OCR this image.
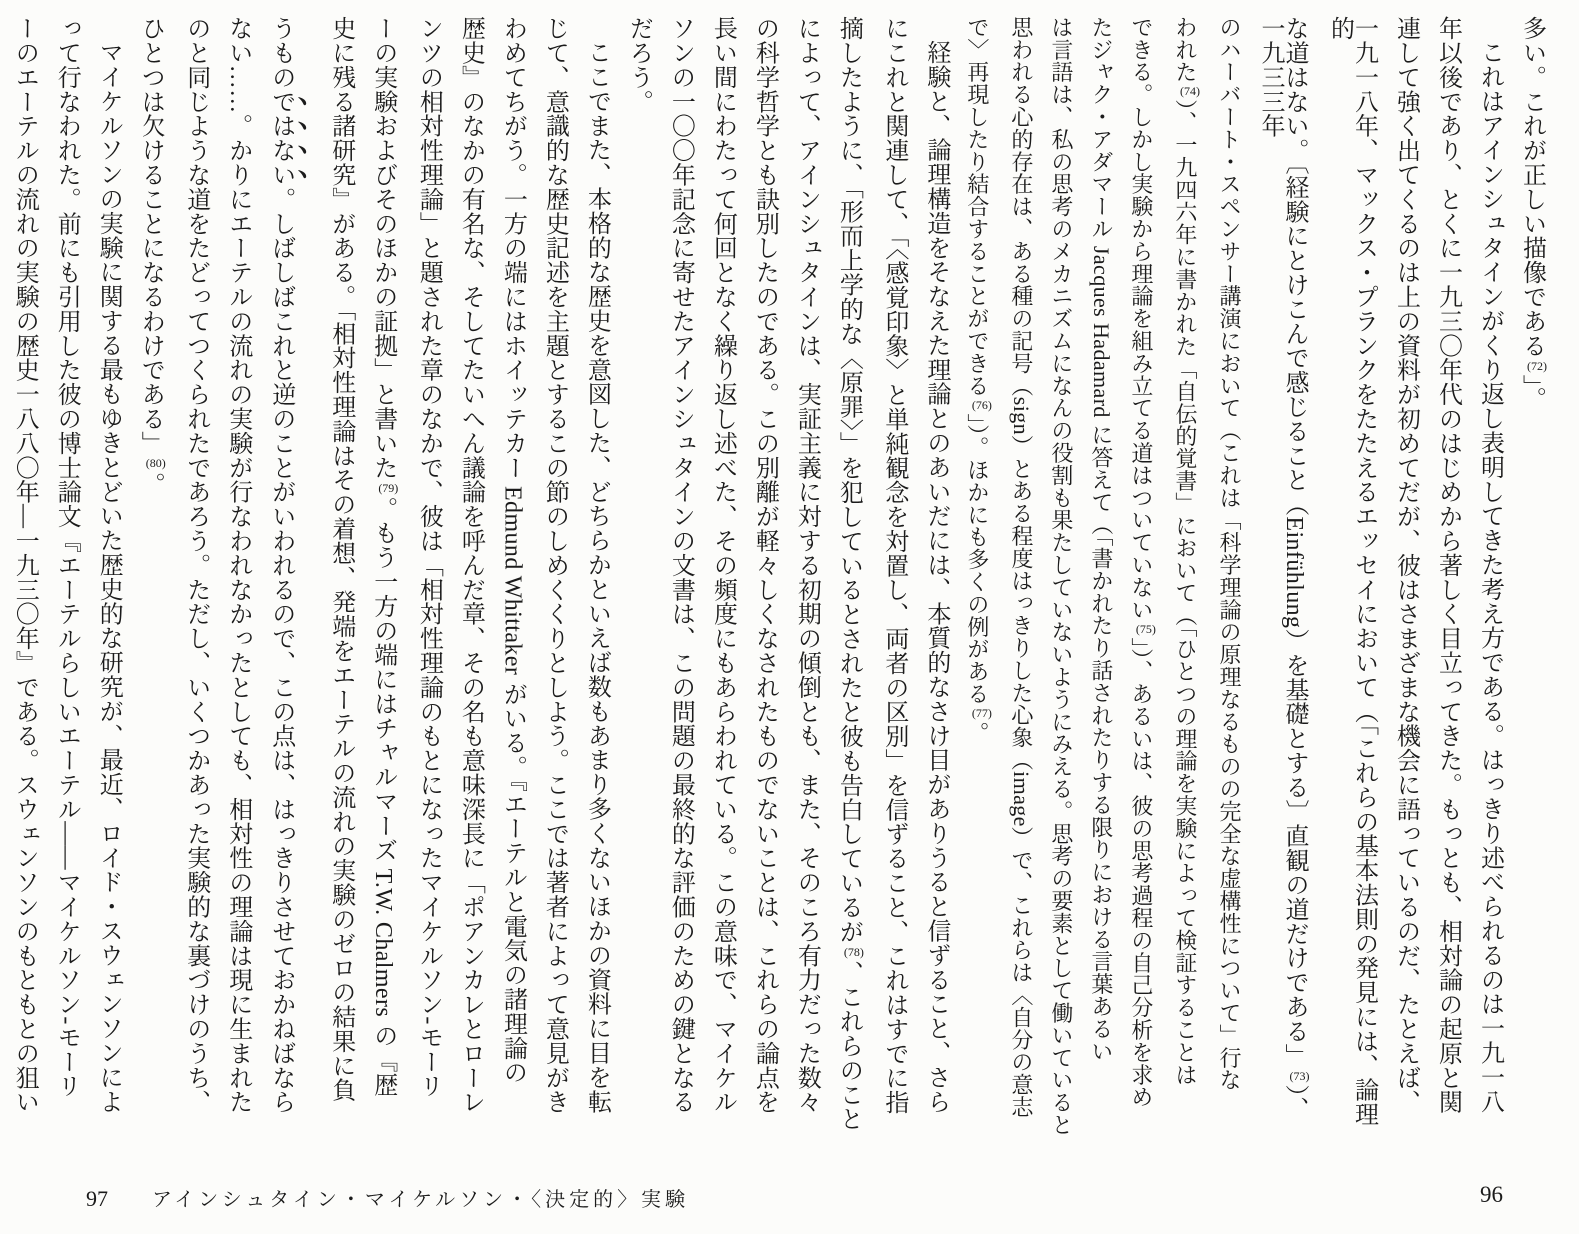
多い。これが正しい描像である(72)」。
これはアインシュタインがくり返し表明してきた考え方である。はっきり述べられるのは一九一八
年以後であり、とくに一九三〇年代のはじめから著しく目立ってきた。もっとも、相対論の起原と関
連して強く出てくるのは上の資料が初めてだが、彼はさまざまな機会に語っているのだ、たとえば、
一九一八年、マックス・プランクをたたえるエッセイにおいて（「これらの基本法則の発見には、論理的
な道はない。〔経験にとけこんで感じること（Einfühlung）を基礎とする〕直観の道だけである」(73)）、一九三三年
のハーバート・スペンサー講演において（これは「科学理論の原理なるものの完全な虚構性について」行な
われた(74)）、一九四六年に書かれた「自伝的覚書」において（「ひとつの理論を実験によって検証することは
できる。しかし実験から理論を組み立てる道はついていない(75)」）、あるいは、彼の思考過程の自己分析を求め
たジャク・アダマール Jacques Hadamard に答えて（「書かれたり話されたりする限りにおける言葉あるい
は言語は、私の思考のメカニズムになんの役割も果たしていないようにみえる。思考の要素として働いていると
思われる心的存在は、ある種の記号（sign）とある程度はっきりした心象（image）で、これらは〈自分の意志
で〉再現したり結合することができる(76)」）。ほかにも多くの例がある(77)。
経験と、論理構造をそなえた理論とのあいだには、本質的なさけ目がありうると信ずること、さら
にこれと関連して、「〈感覚印象〉と単純観念を対置し、両者の区別」を信ずること、これはすでに指
摘したように、「形而上学的な〈原罪〉」を犯しているとされたと彼も告白しているが(78)、これらのこと
によって、アインシュタインは、実証主義に対する初期の傾倒とも、また、そのころ有力だった数々
の科学哲学とも訣別したのである。この別離が軽々しくなされたものでないことは、これらの論点を
長い間にわたって何回となく繰り返し述べた、その頻度にもあらわれている。この意味で、マイケル
ソンの一〇〇年記念に寄せたアインシュタインの文書は、この問題の最終的な評価のための鍵となる
だろう。
ここでまた、本格的な歴史を意図した、どちらかといえば数もあまり多くないほかの資料に目を転
じて、意識的な歴史記述を主題とするこの節のしめくくりとしよう。ここでは著者によって意見がき
わめてちがう。一方の端にはホイッテカー Edmund Whittaker がいる。『エーテルと電気の諸理論の
歴史』のなかの有名な、そしてたいへん議論を呼んだ章、その名も意味深長に「ポアンカレとローレ
ンツの相対性理論」と題された章のなかで、彼は「相対性理論のもとになったマイケルソン‐モーリ
ーの実験およびそのほかの証拠」と書いた(79)。もう一方の端にはチャルマーズ T.W. Chalmers の『歴
史に残る諸研究』がある。「相対性理論はその着想、発端をエーテルの流れの実験のゼロの結果に負
うものではない。しばしばこれと逆のことがいわれるので、この点は、はっきりさせておかねばなら
ない……。かりにエーテルの流れの実験が行なわれなかったとしても、相対性の理論は現に生まれた
のと同じような道をたどってつくられたであろう。ただし、いくつかあった実験的な裏づけのうち、
ひとつは欠けることになるわけである」(80)。
マイケルソンの実験に関する最もゆきとどいた歴史的な研究が、最近、ロイド・スウェンソンによ
って行なわれた。前にも引用した彼の博士論文『エーテルらしいエーテル――マイケルソン‐モーリ
ーのエーテルの流れの実験の歴史一八八〇年―一九三〇年』である。スウェンソンのもともとの狙い
97 アインシュタイン・マイケルソン・〈決定的〉実験	96
